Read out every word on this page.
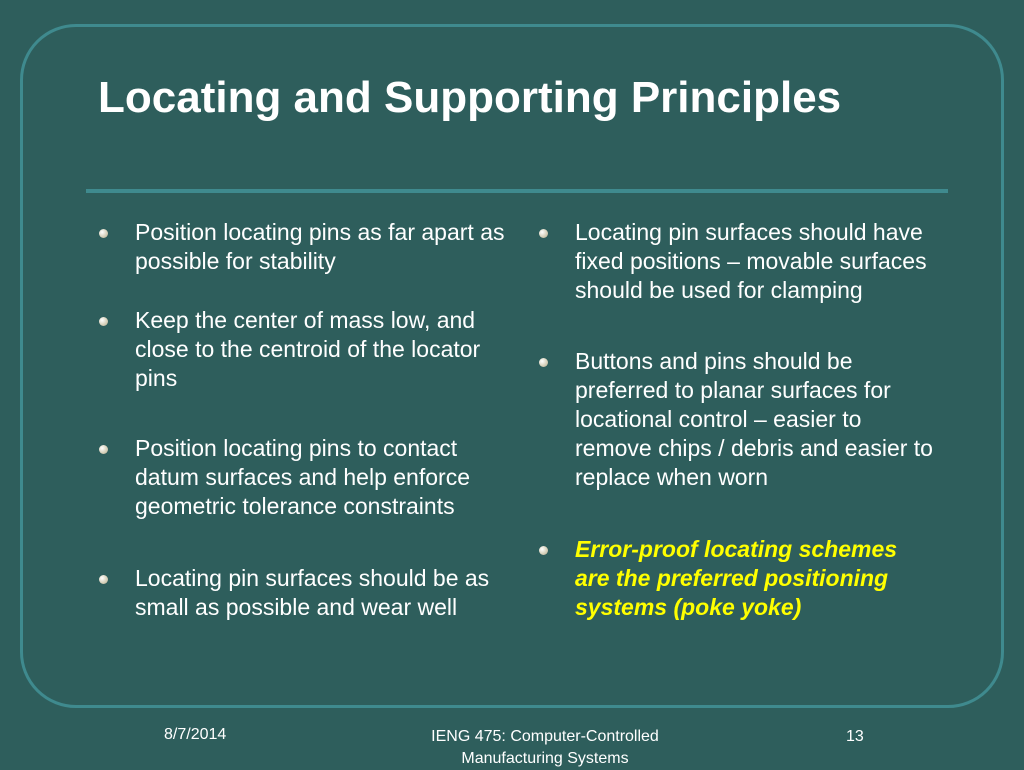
Locating and Supporting Principles
Position locating pins as far apart as possible for stability
Keep the center of mass low, and close to the centroid of the locator pins
Position locating pins to contact datum surfaces and help enforce geometric tolerance constraints
Locating pin surfaces should be as small as possible and wear well
Locating pin surfaces should have fixed positions – movable surfaces should be used for clamping
Buttons and pins should be preferred to planar surfaces for locational control – easier to remove chips / debris and easier to replace when worn
Error-proof locating schemes are the preferred positioning systems (poke yoke)
8/7/2014	IENG 475: Computer-Controlled Manufacturing Systems
13
